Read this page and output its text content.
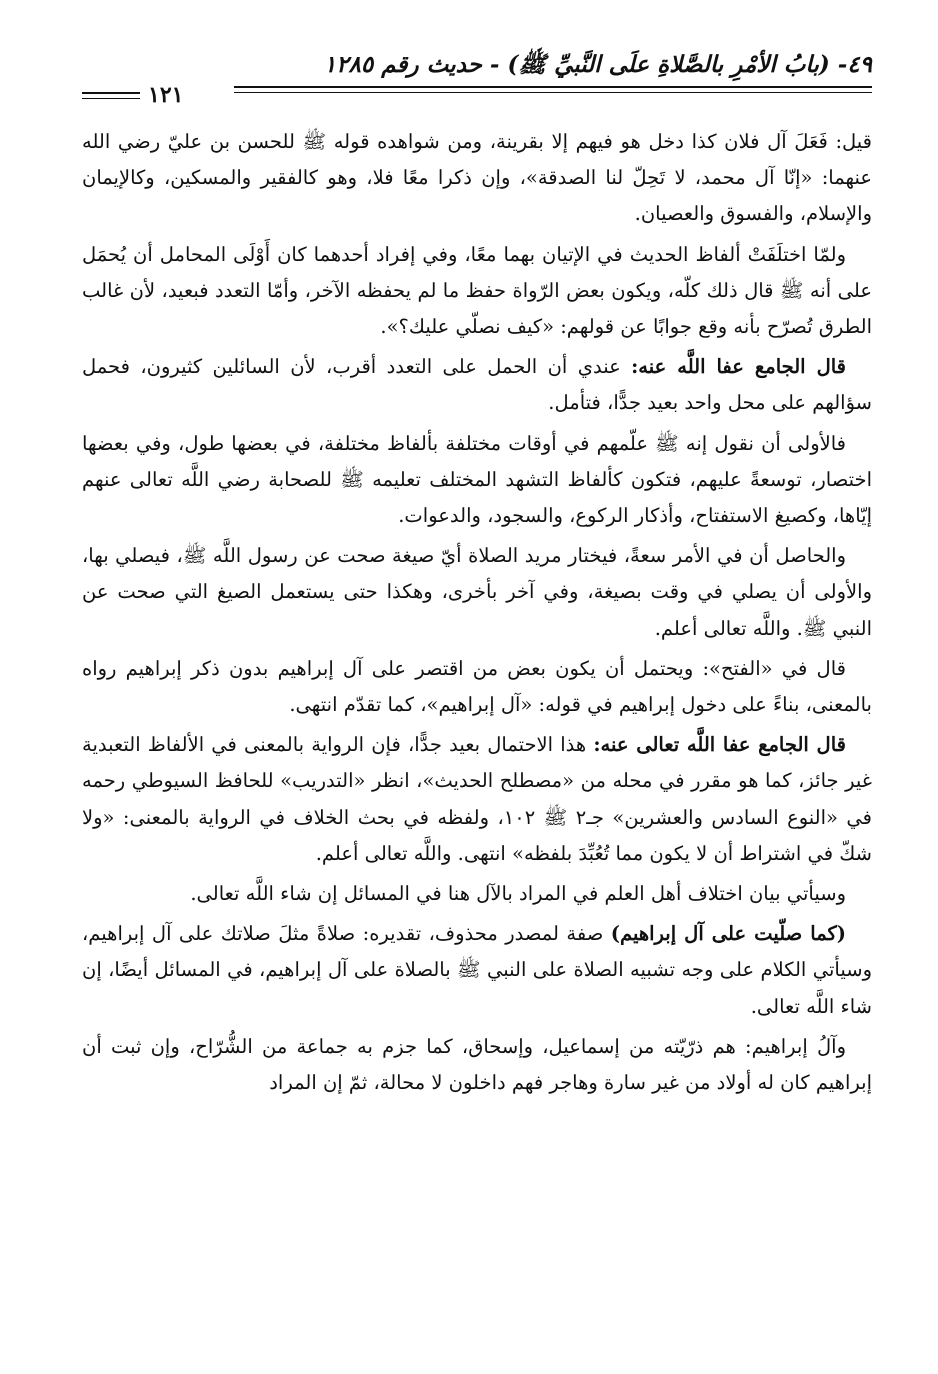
٤٩- (بابُ الأمْرِ بالصَّلاةِ علَى النَّبيِّ ﷺ) - حديث رقم ١٢٨٥
١٢١

قيل: فَعَلَ آل فلان كذا دخل هو فيهم إلا بقرينة، ومن شواهده قوله ﷺ للحسن بن عليّ رضي الله عنهما: «إنّا آل محمد، لا تَحِلّ لنا الصدقة»، وإن ذكرا معًا فلا، وهو كالفقير والمسكين، وكالإيمان والإسلام، والفسوق والعصيان.

ولمّا اختلَفَتْ ألفاظ الحديث في الإتيان بهما معًا، وفي إفراد أحدهما كان أَوْلَى المحامل أن يُحمَل على أنه ﷺ قال ذلك كلّه، ويكون بعض الرّواة حفظ ما لم يحفظه الآخر، وأمّا التعدد فبعيد، لأن غالب الطرق تُصرّح بأنه وقع جوابًا عن قولهم: «كيف نصلّي عليك؟».

قال الجامع عفا اللَّه عنه: عندي أن الحمل على التعدد أقرب، لأن السائلين كثيرون، فحمل سؤالهم على محل واحد بعيد جدًّا، فتأمل.

فالأولى أن نقول إنه ﷺ علّمهم في أوقات مختلفة بألفاظ مختلفة، في بعضها طول، وفي بعضها اختصار، توسعةً عليهم، فتكون كألفاظ التشهد المختلف تعليمه ﷺ للصحابة رضي اللَّه تعالى عنهم إيّاها، وكصيغ الاستفتاح، وأذكار الركوع، والسجود، والدعوات.

والحاصل أن في الأمر سعةً، فيختار مريد الصلاة أيّ صيغة صحت عن رسول اللَّه ﷺ، فيصلي بها، والأولى أن يصلي في وقت بصيغة، وفي آخر بأخرى، وهكذا حتى يستعمل الصيغ التي صحت عن النبي ﷺ. واللَّه تعالى أعلم.

قال في «الفتح»: ويحتمل أن يكون بعض من اقتصر على آل إبراهيم بدون ذكر إبراهيم رواه بالمعنى، بناءً على دخول إبراهيم في قوله: «آل إبراهيم»، كما تقدّم انتهى.

قال الجامع عفا اللَّه تعالى عنه: هذا الاحتمال بعيد جدًّا، فإن الرواية بالمعنى في الألفاظ التعبدية غير جائز، كما هو مقرر في محله من «مصطلح الحديث»، انظر «التدريب» للحافظ السيوطي رحمه في «النوع السادس والعشرين» جـ٢ ﷺ ١٠٢، ولفظه في بحث الخلاف في الرواية بالمعنى: «ولا شكّ في اشتراط أن لا يكون مما تُعُبِّدَ بلفظه» انتهى. واللَّه تعالى أعلم.

وسيأتي بيان اختلاف أهل العلم في المراد بالآل هنا في المسائل إن شاء اللَّه تعالى.

(كما صلّيت على آل إبراهيم) صفة لمصدر محذوف، تقديره: صلاةً مثلَ صلاتك على آل إبراهيم، وسيأتي الكلام على وجه تشبيه الصلاة على النبي ﷺ بالصلاة على آل إبراهيم، في المسائل أيضًا، إن شاء اللَّه تعالى.

وآلُ إبراهيم: هم ذرّيّته من إسماعيل، وإسحاق، كما جزم به جماعة من الشُّرّاح، وإن ثبت أن إبراهيم كان له أولاد من غير سارة وهاجر فهم داخلون لا محالة، ثمّ إن المراد
